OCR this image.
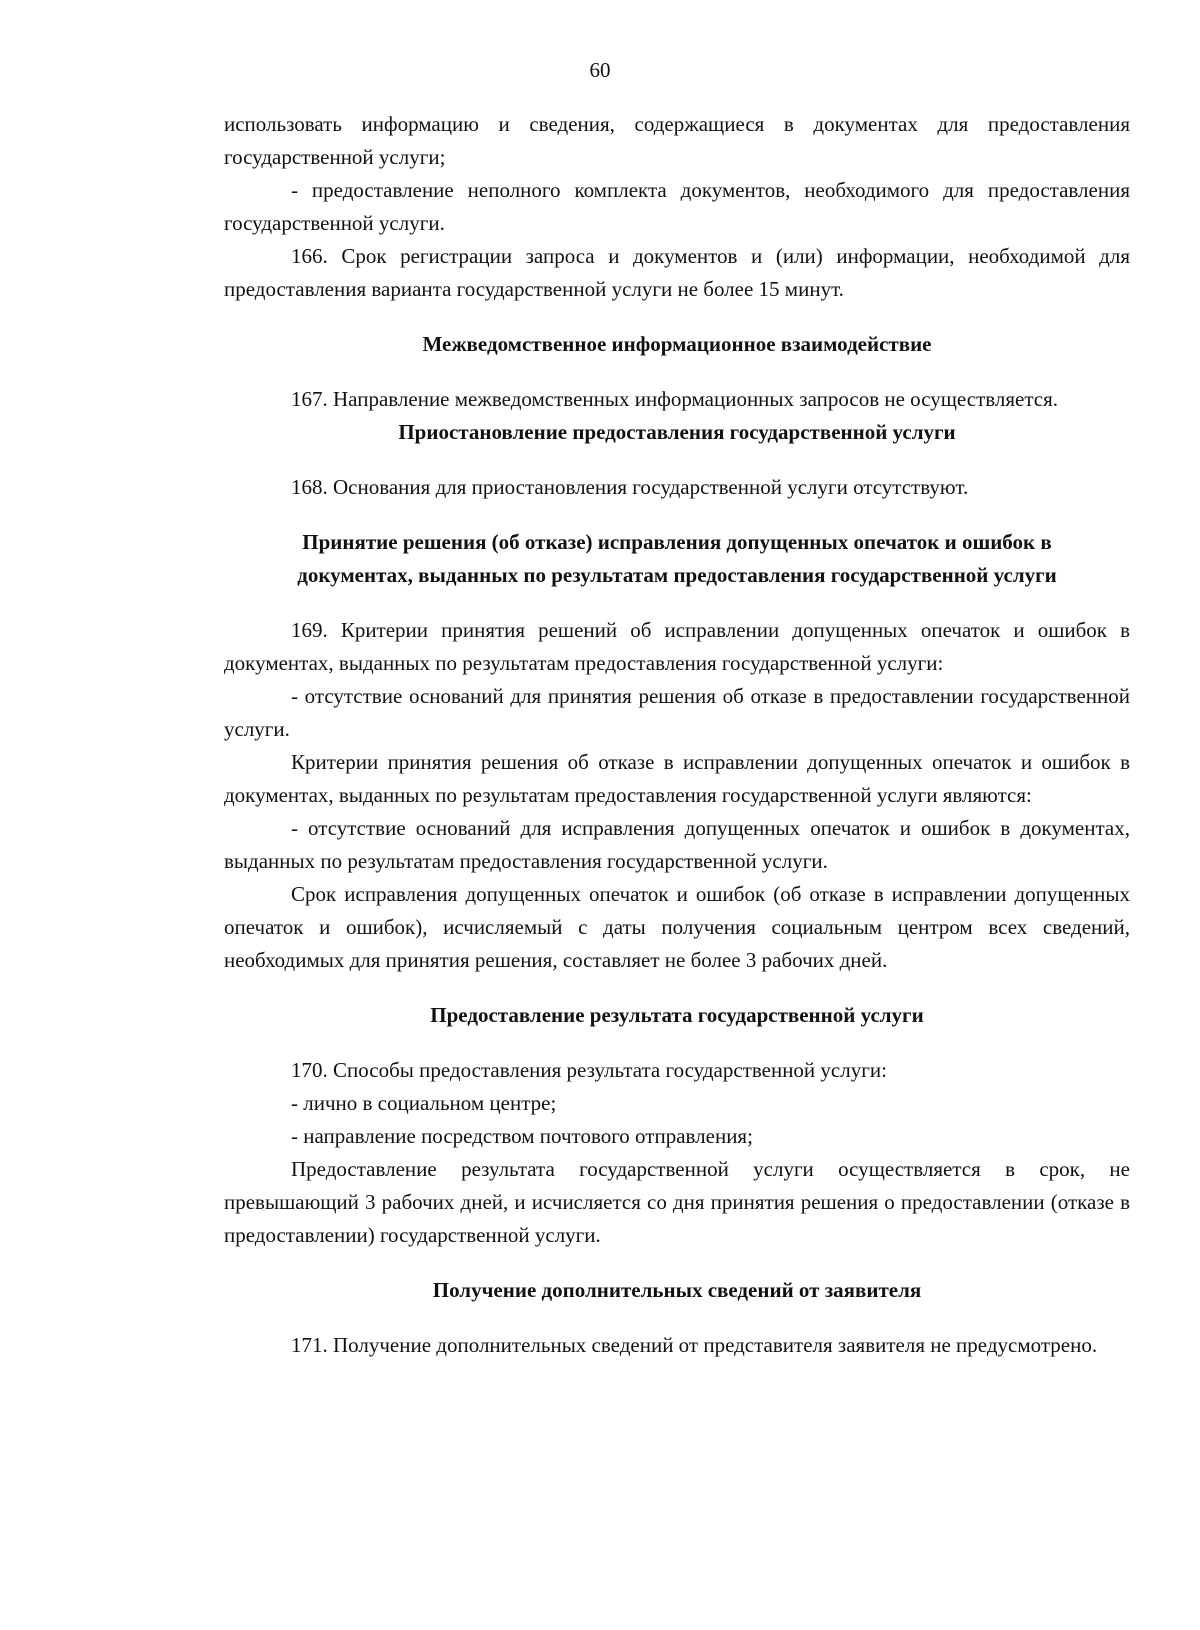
60

использовать информацию и сведения, содержащиеся в документах для предоставления государственной услуги;

- предоставление неполного комплекта документов, необходимого для предоставления государственной услуги.

166. Срок регистрации запроса и документов и (или) информации, необходимой для предоставления варианта государственной услуги не более 15 минут.

Межведомственное информационное взаимодействие

167. Направление межведомственных информационных запросов не осуществляется.

Приостановление предоставления государственной услуги

168. Основания для приостановления государственной услуги отсутствуют.

Принятие решения (об отказе) исправления допущенных опечаток и ошибок в
документах, выданных по результатам предоставления государственной услуги

169. Критерии принятия решений об исправлении допущенных опечаток и ошибок в документах, выданных по результатам предоставления государственной услуги:

- отсутствие оснований для принятия решения об отказе в предоставлении государственной услуги.

Критерии принятия решения об отказе в исправлении допущенных опечаток и ошибок в документах, выданных по результатам предоставления государственной услуги являются:

- отсутствие оснований для исправления допущенных опечаток и ошибок в документах, выданных по результатам предоставления государственной услуги.

Срок исправления допущенных опечаток и ошибок (об отказе в исправлении допущенных опечаток и ошибок), исчисляемый с даты получения социальным центром всех сведений, необходимых для принятия решения, составляет не более 3 рабочих дней.

Предоставление результата государственной услуги

170. Способы предоставления результата государственной услуги:

- лично в социальном центре;

- направление посредством почтового отправления;

Предоставление результата государственной услуги осуществляется в срок, не превышающий 3 рабочих дней, и исчисляется со дня принятия решения о предоставлении (отказе в предоставлении) государственной услуги.

Получение дополнительных сведений от заявителя

171. Получение дополнительных сведений от представителя заявителя не предусмотрено.
